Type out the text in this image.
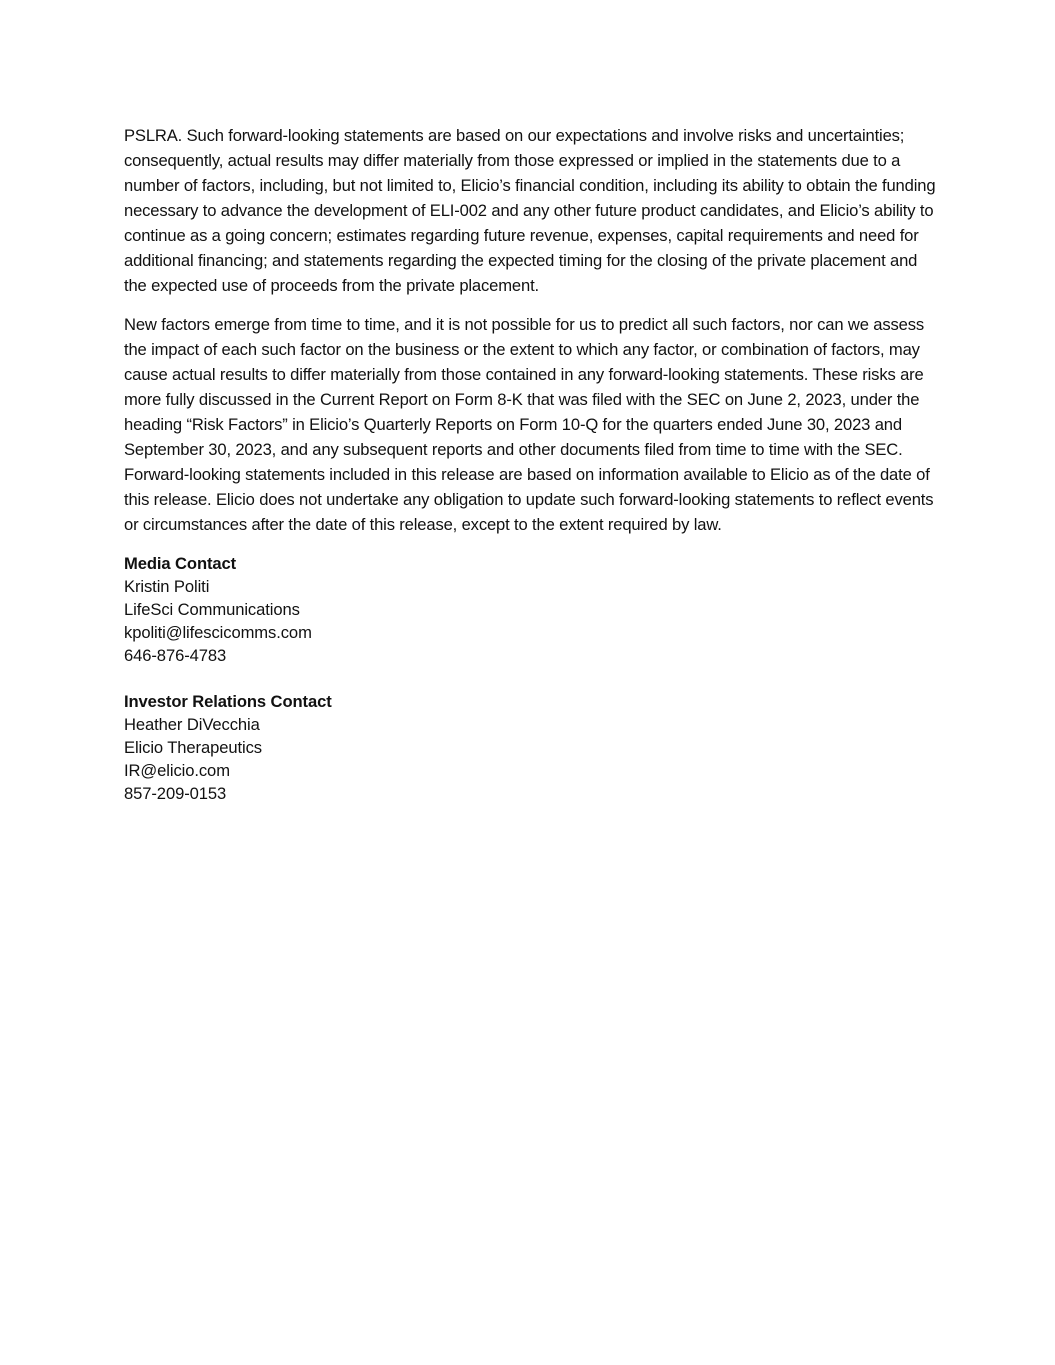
PSLRA. Such forward-looking statements are based on our expectations and involve risks and uncertainties; consequently, actual results may differ materially from those expressed or implied in the statements due to a number of factors, including, but not limited to, Elicio’s financial condition, including its ability to obtain the funding necessary to advance the development of ELI-002 and any other future product candidates, and Elicio’s ability to continue as a going concern; estimates regarding future revenue, expenses, capital requirements and need for additional financing; and statements regarding the expected timing for the closing of the private placement and the expected use of proceeds from the private placement.

New factors emerge from time to time, and it is not possible for us to predict all such factors, nor can we assess the impact of each such factor on the business or the extent to which any factor, or combination of factors, may cause actual results to differ materially from those contained in any forward-looking statements. These risks are more fully discussed in the Current Report on Form 8-K that was filed with the SEC on June 2, 2023, under the heading “Risk Factors” in Elicio’s Quarterly Reports on Form 10-Q for the quarters ended June 30, 2023 and September 30, 2023, and any subsequent reports and other documents filed from time to time with the SEC. Forward-looking statements included in this release are based on information available to Elicio as of the date of this release. Elicio does not undertake any obligation to update such forward-looking statements to reflect events or circumstances after the date of this release, except to the extent required by law.

Media Contact
Kristin Politi
LifeSci Communications
kpoliti@lifescicomms.com
646-876-4783
Investor Relations Contact
Heather DiVecchia
Elicio Therapeutics
IR@elicio.com
857-209-0153
